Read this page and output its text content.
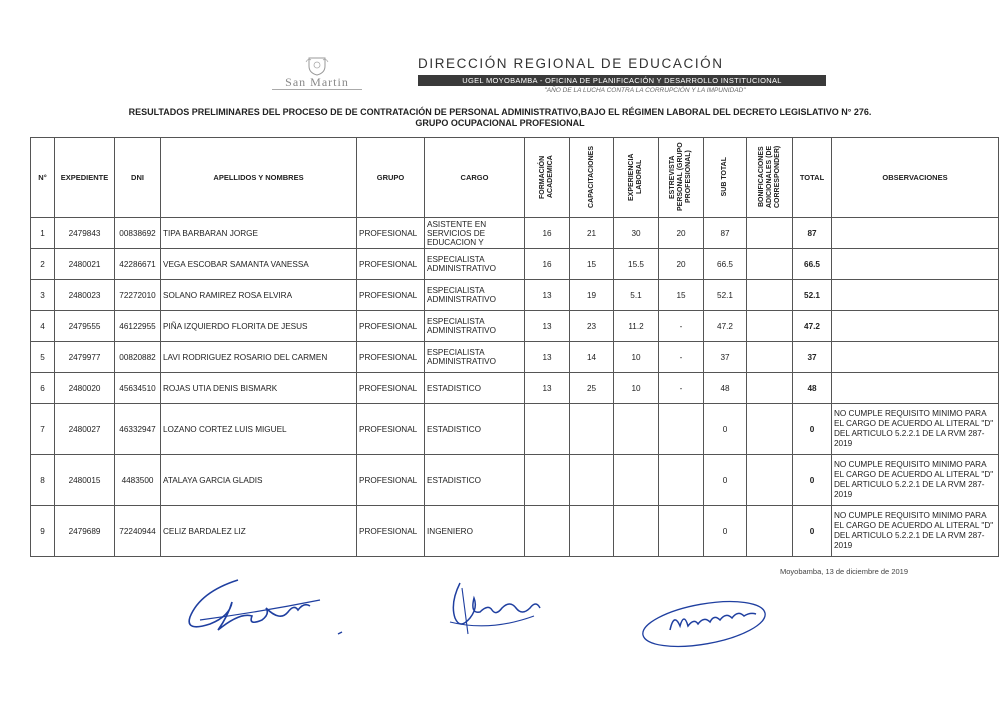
San Martin
DIRECCIÓN REGIONAL DE EDUCACIÓN
UGEL MOYOBAMBA - OFICINA DE PLANIFICACIÓN Y DESARROLLO INSTITUCIONAL
"AÑO DE LA LUCHA CONTRA LA CORRUPCIÓN Y LA IMPUNIDAD"
RESULTADOS PRELIMINARES DEL PROCESO DE DE CONTRATACIÓN DE PERSONAL ADMINISTRATIVO,BAJO EL RÉGIMEN LABORAL DEL DECRETO LEGISLATIVO N° 276.
GRUPO OCUPACIONAL PROFESIONAL
N°	EXPEDIENTE	DNI	APELLIDOS Y NOMBRES	GRUPO	CARGO	FORMACIÓN ACADEMICA	CAPACITACIONES	EXPERIENCIA LABORAL	ESTREVISTA PERSONAL (GRUPO PROFESIONAL)	SUB TOTAL	BONIFICACIONES ADICIONALES (DE CORRESPONDER)	TOTAL	OBSERVACIONES
1	2479843	00838692	TIPA BARBARAN JORGE	PROFESIONAL	ASISTENTE EN SERVICIOS DE EDUCACION Y	16	21	30	20	87		87	
2	2480021	42286671	VEGA ESCOBAR SAMANTA VANESSA	PROFESIONAL	ESPECIALISTA ADMINISTRATIVO	16	15	15.5	20	66.5		66.5	
3	2480023	72272010	SOLANO RAMIREZ ROSA ELVIRA	PROFESIONAL	ESPECIALISTA ADMINISTRATIVO	13	19	5.1	15	52.1		52.1	
4	2479555	46122955	PIÑA IZQUIERDO FLORITA DE JESUS	PROFESIONAL	ESPECIALISTA ADMINISTRATIVO	13	23	11.2	-	47.2		47.2	
5	2479977	00820882	LAVI RODRIGUEZ ROSARIO DEL CARMEN	PROFESIONAL	ESPECIALISTA ADMINISTRATIVO	13	14	10	-	37		37	
6	2480020	45634510	ROJAS UTIA DENIS BISMARK	PROFESIONAL	ESTADISTICO	13	25	10	-	48		48	
7	2480027	46332947	LOZANO CORTEZ LUIS MIGUEL	PROFESIONAL	ESTADISTICO					0		0	NO CUMPLE REQUISITO MINIMO PARA EL CARGO DE ACUERDO AL LITERAL "D" DEL ARTICULO 5.2.2.1 DE LA RVM 287-2019
8	2480015	4483500	ATALAYA GARCIA GLADIS	PROFESIONAL	ESTADISTICO					0		0	NO CUMPLE REQUISITO MINIMO PARA EL CARGO DE ACUERDO AL LITERAL "D" DEL ARTICULO 5.2.2.1 DE LA RVM 287-2019
9	2479689	72240944	CELIZ BARDALEZ LIZ	PROFESIONAL	INGENIERO					0		0	NO CUMPLE REQUISITO MINIMO PARA EL CARGO DE ACUERDO AL LITERAL "D" DEL ARTICULO 5.2.2.1 DE LA RVM 287-2019
Moyobamba, 13 de diciembre de 2019
